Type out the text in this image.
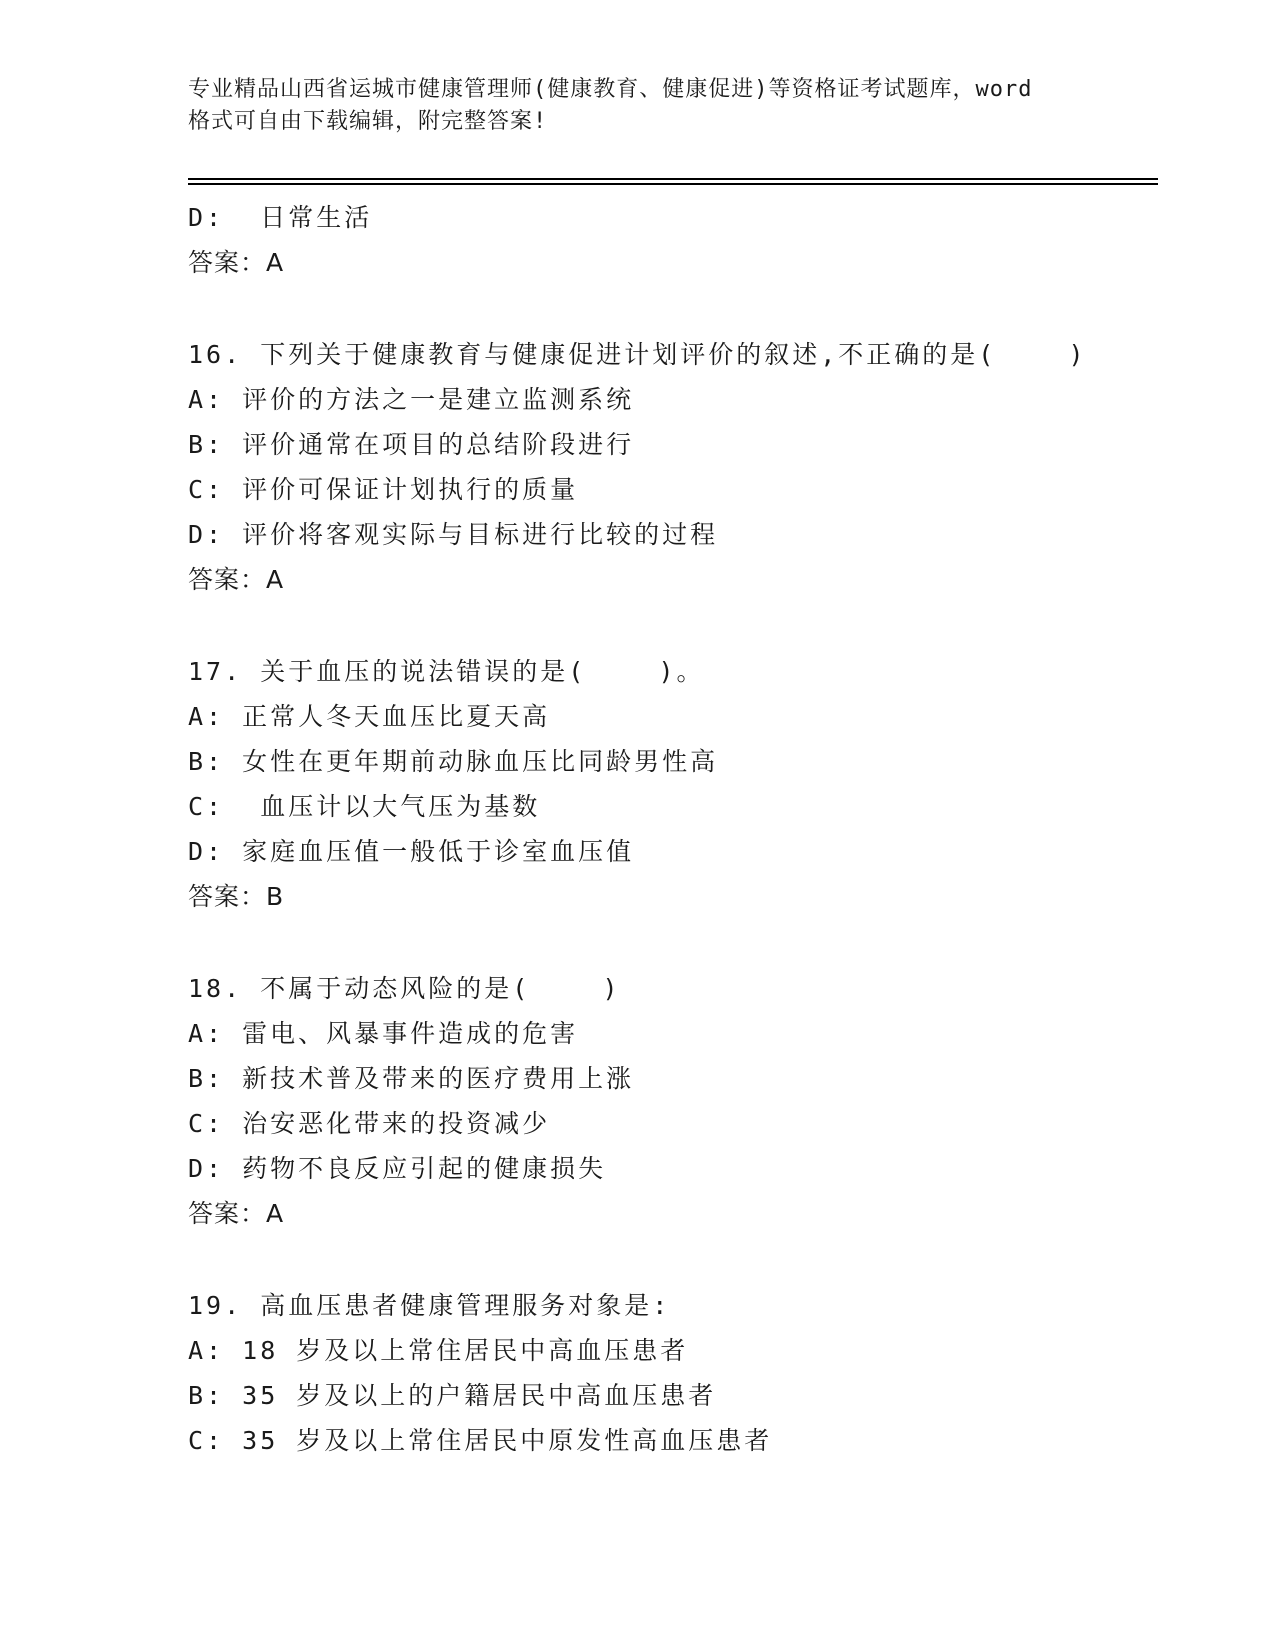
专业精品山西省运城市健康管理师(健康教育、健康促进)等资格证考试题库，word
格式可自由下载编辑，附完整答案!
D:  日常生活
答案：A
16. 下列关于健康教育与健康促进计划评价的叙述,不正确的是(    )
A: 评价的方法之一是建立监测系统
B: 评价通常在项目的总结阶段进行
C: 评价可保证计划执行的质量
D: 评价将客观实际与目标进行比较的过程
答案：A
17. 关于血压的说法错误的是(    )。
A: 正常人冬天血压比夏天高
B: 女性在更年期前动脉血压比同龄男性高
C:  血压计以大气压为基数
D: 家庭血压值一般低于诊室血压值
答案：B
18. 不属于动态风险的是(    )
A: 雷电、风暴事件造成的危害
B: 新技术普及带来的医疗费用上涨
C: 治安恶化带来的投资减少
D: 药物不良反应引起的健康损失
答案：A
19. 高血压患者健康管理服务对象是:
A: 18 岁及以上常住居民中高血压患者
B: 35 岁及以上的户籍居民中高血压患者
C: 35 岁及以上常住居民中原发性高血压患者
